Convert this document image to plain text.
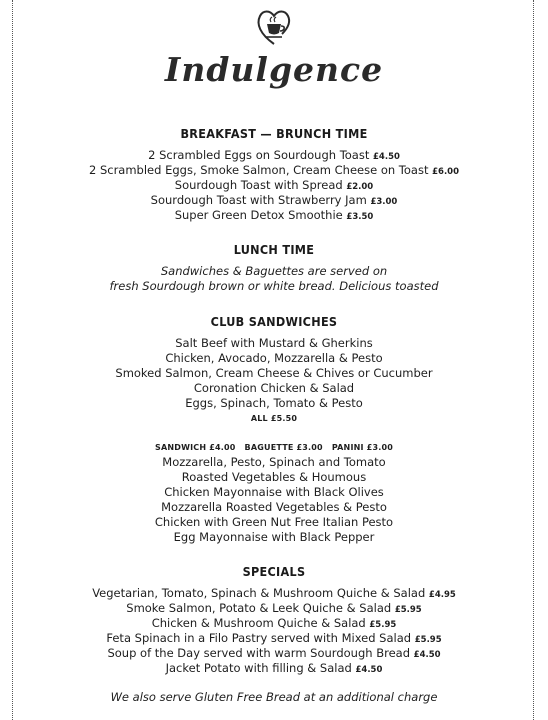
Indulgence
BREAKFAST — BRUNCH TIME
2 Scrambled Eggs on Sourdough Toast £4.50
2 Scrambled Eggs, Smoke Salmon, Cream Cheese on Toast £6.00
Sourdough Toast with Spread £2.00
Sourdough Toast with Strawberry Jam £3.00
Super Green Detox Smoothie £3.50
LUNCH TIME
Sandwiches & Baguettes are served on
fresh Sourdough brown or white bread. Delicious toasted
CLUB SANDWICHES
Salt Beef with Mustard & Gherkins
Chicken, Avocado, Mozzarella & Pesto
Smoked Salmon, Cream Cheese & Chives or Cucumber
Coronation Chicken & Salad
Eggs, Spinach, Tomato & Pesto
ALL £5.50
SANDWICH £4.00 BAGUETTE £3.00 PANINI £3.00
Mozzarella, Pesto, Spinach and Tomato
Roasted Vegetables & Houmous
Chicken Mayonnaise with Black Olives
Mozzarella Roasted Vegetables & Pesto
Chicken with Green Nut Free Italian Pesto
Egg Mayonnaise with Black Pepper
SPECIALS
Vegetarian, Tomato, Spinach & Mushroom Quiche & Salad £4.95
Smoke Salmon, Potato & Leek Quiche & Salad £5.95
Chicken & Mushroom Quiche & Salad £5.95
Feta Spinach in a Filo Pastry served with Mixed Salad £5.95
Soup of the Day served with warm Sourdough Bread £4.50
Jacket Potato with filling & Salad £4.50
We also serve Gluten Free Bread at an additional charge
